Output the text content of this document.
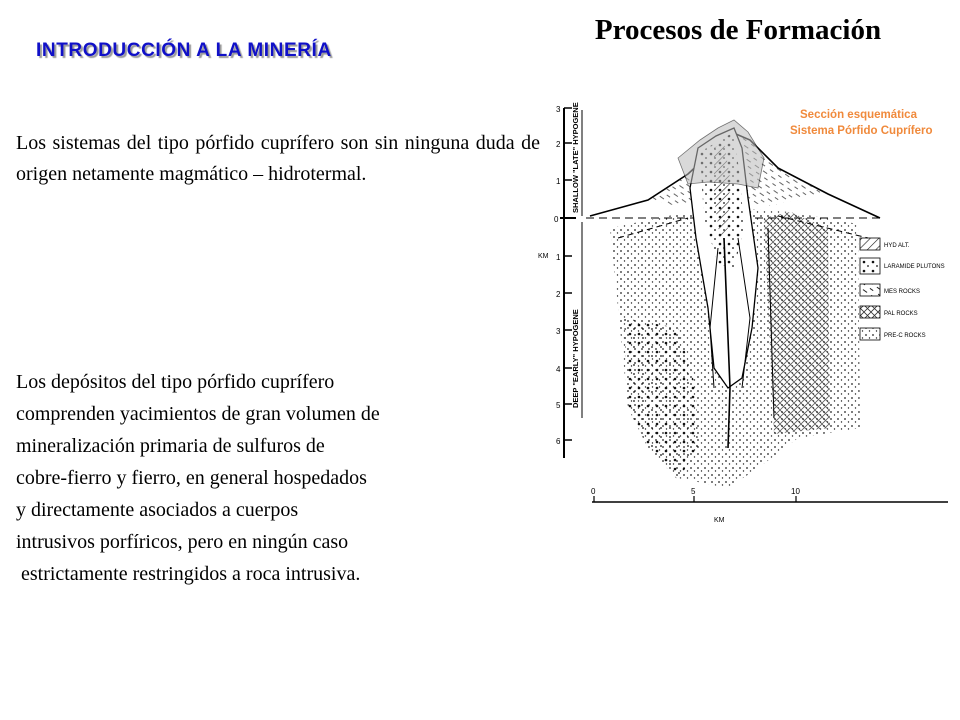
Procesos de Formación
INTRODUCCIÓN A LA MINERÍA
Los sistemas del tipo pórfido cuprífero son sin ninguna duda de origen netamente magmático – hidrotermal.
Los depósitos del tipo pórfido cuprífero
comprenden yacimientos de gran volumen de
mineralización primaria de sulfuros de
cobre-fierro y fierro, en general hospedados
y directamente asociados a cuerpos
intrusivos porfíricos, pero en ningún caso
estrictamente restringidos a roca intrusiva.
3
2
1
0
1
2
3
4
5
6
KM
SHALLOW "LATE" HYPOGENE
DEEP "EARLY" HYPOGENE
Sección esquemática
Sistema Pórfido Cuprífero
HYD ALT.
LARAMIDE PLUTONS
MES ROCKS
PAL ROCKS
PRE-C ROCKS
0	5	10
KM
